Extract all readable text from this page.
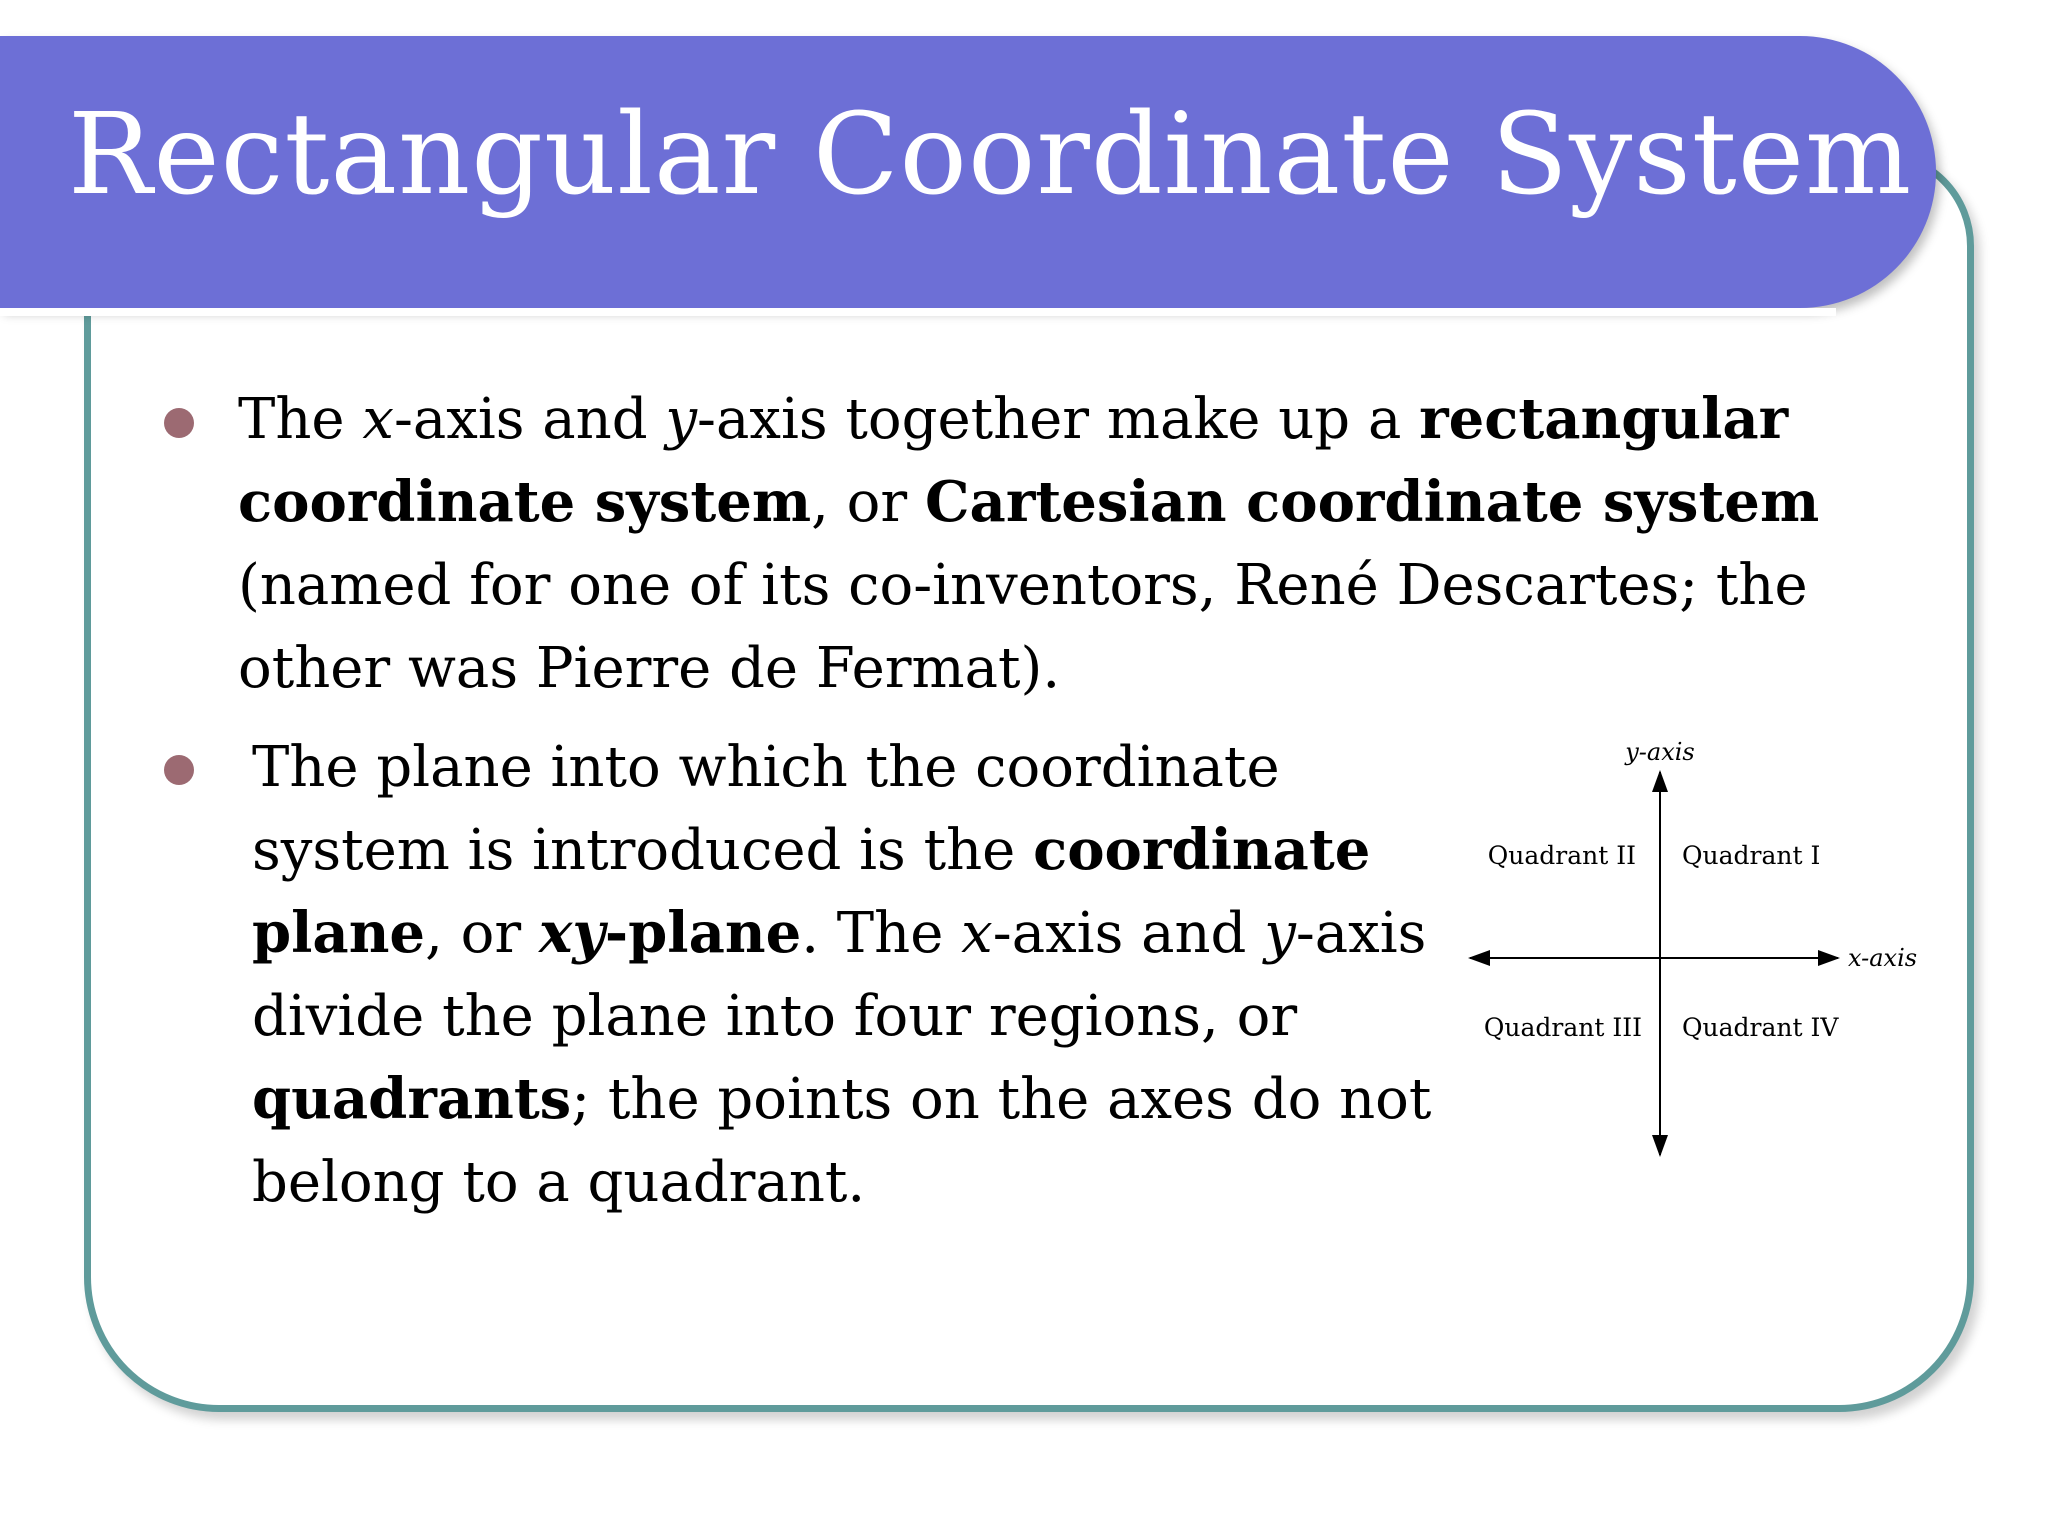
Rectangular Coordinate System

The x-axis and y-axis together make up a rectangular coordinate system, or Cartesian coordinate system (named for one of its co-inventors, René Descartes; the other was Pierre de Fermat).

The plane into which the coordinate system is introduced is the coordinate plane, or xy-plane. The x-axis and y-axis divide the plane into four regions, or quadrants; the points on the axes do not belong to a quadrant.

y-axis
x-axis
Quadrant II Quadrant I
Quadrant III Quadrant IV
